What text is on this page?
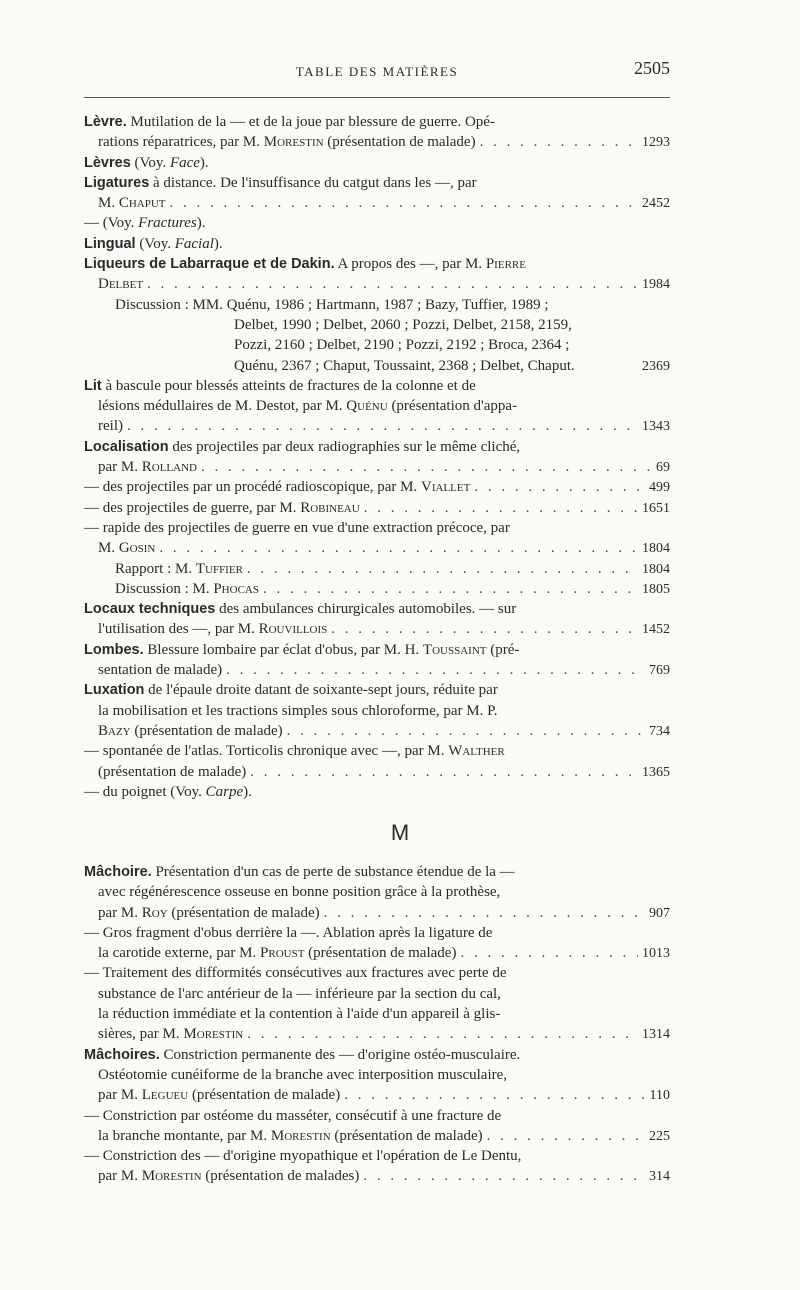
TABLE DES MATIÈRES	2505
Lèvre. Mutilation de la — et de la joue par blessure de guerre. Opé-
rations réparatrices, par M. Morestin (présentation de malade) . . .	1293
Lèvres (Voy. Face).
Ligatures à distance. De l'insuffisance du catgut dans les —, par
M. Chaput . . .	2452
— (Voy. Fractures).
Lingual (Voy. Facial).
Liqueurs de Labarraque et de Dakin. A propos des —, par M. Pierre
Delbet . . .	1984
Discussion : MM. Quénu, 1986 ; Hartmann, 1987 ; Bazy, Tuffier, 1989 ;
Delbet, 1990 ; Delbet, 2060 ; Pozzi, Delbet, 2158, 2159,
Pozzi, 2160 ; Delbet, 2190 ; Pozzi, 2192 ; Broca, 2364 ;
Quénu, 2367 ; Chaput, Toussaint, 2368 ; Delbet, Chaput.	2369
Lit à bascule pour blessés atteints de fractures de la colonne et de
lésions médullaires de M. Destot, par M. Quénu (présentation d'appa-
reil) . . .	1343
Localisation des projectiles par deux radiographies sur le même cliché,
par M. Rolland . . .	69
— des projectiles par un procédé radioscopique, par M. Viallet . . .	499
— des projectiles de guerre, par M. Robineau . . .	1651
— rapide des projectiles de guerre en vue d'une extraction précoce, par
M. Gosin . . .	1804
Rapport : M. Tuffier . . .	1804
Discussion : M. Phocas . . .	1805
Locaux techniques des ambulances chirurgicales automobiles. — sur
l'utilisation des —, par M. Rouvillois . . .	1452
Lombes. Blessure lombaire par éclat d'obus, par M. H. Toussaint (pré-
sentation de malade) . . .	769
Luxation de l'épaule droite datant de soixante-sept jours, réduite par
la mobilisation et les tractions simples sous chloroforme, par M. P.
Bazy (présentation de malade) . . .	734
— spontanée de l'atlas. Torticolis chronique avec —, par M. Walther
(présentation de malade) . . .	1365
— du poignet (Voy. Carpe).
M
Mâchoire. Présentation d'un cas de perte de substance étendue de la —
avec régénérescence osseuse en bonne position grâce à la prothèse,
par M. Roy (présentation de malade) . . .	907
— Gros fragment d'obus derrière la —. Ablation après la ligature de
la carotide externe, par M. Proust (présentation de malade) . . .	1013
— Traitement des difformités consécutives aux fractures avec perte de
substance de l'arc antérieur de la — inférieure par la section du cal,
la réduction immédiate et la contention à l'aide d'un appareil à glis-
sières, par M. Morestin . . .	1314
Mâchoires. Constriction permanente des — d'origine ostéo-musculaire.
Ostéotomie cunéiforme de la branche avec interposition musculaire,
par M. Legueu (présentation de malade) . . .	110
— Constriction par ostéome du masséter, consécutif à une fracture de
la branche montante, par M. Morestin (présentation de malade) . . .	225
— Constriction des — d'origine myopathique et l'opération de Le Dentu,
par M. Morestin (présentation de malades) . . .	314
